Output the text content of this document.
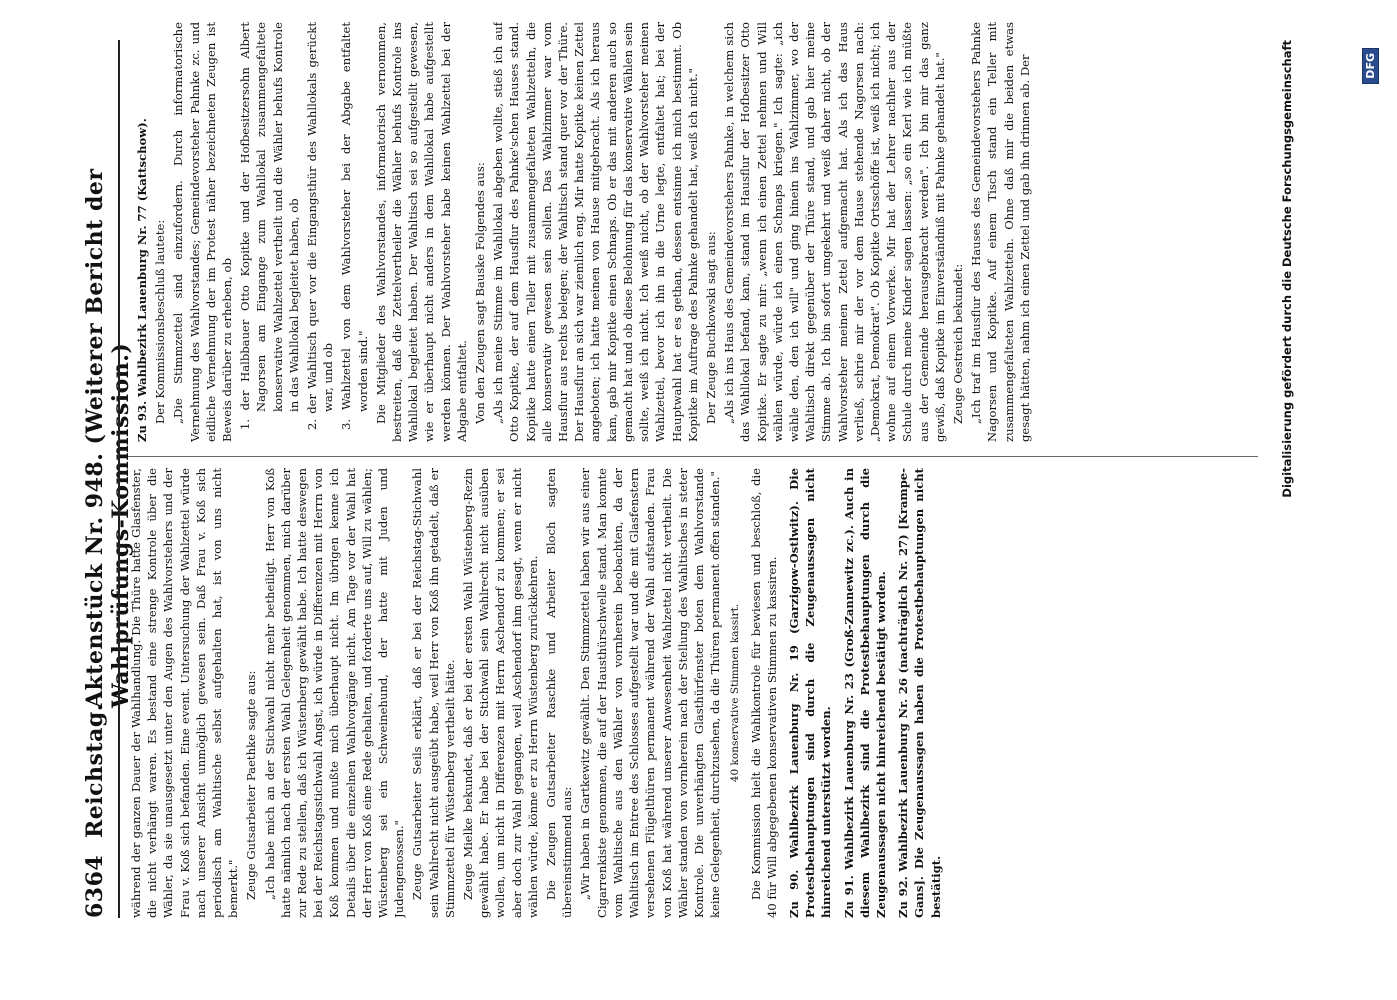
6364
Reichstag.
Aktenstück Nr. 948. (Weiterer Bericht der Wahlprüfungs-Kommission.)

während der ganzen Dauer der Wahlhandlung. Die Thüre hatte Glasfenster, die nicht verhängt waren. Es bestand eine strenge Kontrole über die Wähler, da sie unausgesetzt unter den Augen des Wahlvorstehers und der Frau v. Koß sich befanden. Eine event. Untersuchung der Wahlzettel würde nach unserer Ansicht unmöglich gewesen sein. Daß Frau v. Koß sich periodisch am Wahltische selbst aufgehalten hat, ist von uns nicht bemerkt." Zeuge Gutsarbeiter Paethke sagte aus: „Ich habe mich an der Stichwahl nicht mehr betheiligt. Herr von Koß hatte nämlich nach der ersten Wahl Gelegenheit genommen, mich darüber zur Rede zu stellen, daß ich Wüstenberg gewählt habe. Ich hatte deswegen bei der Reichstagsstichwahl Angst, ich würde in Differenzen mit Herrn von Koß kommen und mußte mich überhaupt nicht. Im übrigen kenne ich Details über die einzelnen Wahlvorgänge nicht. Am Tage vor der Wahl hat der Herr von Koß eine Rede gehalten, und forderte uns auf, Will zu wählen; Wüstenberg sei ein Schweinehund, der hatte mit Juden und Judengenossen." Zeuge Gutsarbeiter Seils erklärt, daß er bei der Reichstag-Stichwahl sein Wahlrecht nicht ausgeübt habe, weil Herr von Koß ihn getadelt, daß er Stimmzettel für Wüstenberg vertheilt hätte. Zeuge Mielke bekundet, daß er bei der ersten Wahl Wüstenberg-Rezin gewählt habe. Er habe bei der Stichwahl sein Wahlrecht nicht ausüben wollen, um nicht in Differenzen mit Herrn Aschendorf zu kommen; er sei aber doch zur Wahl gegangen, weil Aschendorf ihm gesagt, wenn er nicht wählen würde, könne er zu Herrn Wüstenberg zurückkehren. Die Zeugen Gutsarbeiter Raschke und Arbeiter Bloch sagten übereinstimmend aus: „Wir haben in Gartkewitz gewählt. Den Stimmzettel haben wir aus einer Cigarrenkiste genommen, die auf der Hausthürschwelle stand. Man konnte vom Wahltische aus den Wähler von vornherein beobachten, da der Wahltisch im Entree des Schlosses aufgestellt war und die mit Glasfenstern versehenen Flügelthüren permanent während der Wahl aufstanden. Frau von Koß hat während unserer Anwesenheit Wahlzettel nicht vertheilt. Die Wähler standen von vornherein nach der Stellung des Wahltisches in steter Kontrole. Die unverhängten Glasthürfenster boten dem Wahlvorstande keine Gelegenheit, durchzusehen, da die Thüren permanent offen standen." 40 konservative Stimmen kassirt. Die Kommission hielt die Wahlkontrole für bewiesen und beschloß, die 40 für Will abgegebenen konservativen Stimmen zu kassiren. Zu 90. Wahlbezirk Lauenburg Nr. 19 (Garzigow-Ostlwitz). Die Protestbehauptungen sind durch die Zeugenaussagen nicht hinreichend unterstützt worden. Zu 91. Wahlbezirk Lauenburg Nr. 23 (Groß-Zannewitz zc.). Auch in diesem Wahlbezirk sind die Protestbehauptungen durch die Zeugenaussagen nicht hinreichend bestätigt worden. Zu 92. Wahlbezirk Lauenburg Nr. 26 (nachträglich Nr. 27) [Krampe-Gans]. Die Zeugenaussagen haben die Protestbehauptungen nicht bestätigt.

Zu 93. Wahlbezirk Lauenburg Nr. 77 (Kattschow). Der Kommissionsbeschluß lautete: „Die Stimmzettel sind einzufordern. Durch informatorische Vernehmung des Wahlvorstandes; Gemeindevorsteher Pahnke zc. und eidliche Vernehmung der im Protest näher bezeichneten Zeugen ist Beweis darüber zu erheben, ob 1. der Halbbauer Otto Kopitke und der Hofbesitzersohn Albert Nagorsen am Eingange zum Wahllokal zusammengefaltete konservative Wahlzettel vertheilt und die Wähler behufs Kontrole in das Wahllokal begleitet haben, ob 2. der Wahltisch quer vor die Eingangsthür des Wahllokals gerückt war, und ob 3. Wahlzettel von dem Wahlvorsteher bei der Abgabe entfaltet worden sind." Die Mitglieder des Wahlvorstandes, informatorisch vernommen, bestreiten, daß die Zettelvertheiler die Wähler behufs Kontrole ins Wahllokal begleitet haben. Der Wahltisch sei so aufgestellt gewesen, wie er überhaupt nicht anders in dem Wahllokal habe aufgestellt werden können. Der Wahlvorsteher habe keinen Wahlzettel bei der Abgabe entfaltet. Von den Zeugen sagt Bauske Folgendes aus: „Als ich meine Stimme im Wahllokal abgeben wollte, stieß ich auf Otto Kopitke, der auf dem Hausflur des Pahnke'schen Hauses stand. Kopitke hatte einen Teller mit zusammengefalteten Wahlzetteln, die alle konservativ gewesen sein sollen. Das Wahlzimmer war vom Hausflur aus rechts belegen; der Wahltisch stand quer vor der Thüre. Der Hausflur an sich war ziemlich eng. Mir hatte Kopitke keinen Zettel angeboten; ich hatte meinen von Hause mitgebracht. Als ich heraus kam, gab mir Kopitke einen Schnaps. Ob er das mit anderen auch so gemacht hat und ob diese Belohnung für das konservative Wählen sein sollte, weiß ich nicht. Ich weiß nicht, ob der Wahlvorsteher meinen Wahlzettel, bevor ich ihn in die Urne legte, entfaltet hat; bei der Hauptwahl hat er es gethan, dessen entsinne ich mich bestimmt. Ob Kopitke im Auftrage des Pahnke gehandelt hat, weiß ich nicht." Der Zeuge Buchkowski sagt aus: „Als ich ins Haus des Gemeindevorstehers Pahnke, in welchem sich das Wahllokal befand, kam, stand im Hausflur der Hofbesitzer Otto Kopitke. Er sagte zu mir: „wenn ich einen Zettel nehmen und Will wählen würde, würde ich einen Schnaps kriegen." Ich sagte: „ich wähle den, den ich will" und ging hinein ins Wahlzimmer, wo der Wahltisch direkt gegenüber der Thüre stand, und gab hier meine Stimme ab. Ich bin sofort umgekehrt und weiß daher nicht, ob der Wahlvorsteher meinen Zettel aufgemacht hat. Als ich das Haus verließ, schrie mir der vor dem Hause stehende Nagorsen nach: „Demokrat, Demokrat". Ob Kopitke Ortsschöffe ist, weiß ich nicht; ich wohne auf einem Vorwerke. Mir hat der Lehrer nachher aus der Schule durch meine Kinder sagen lassen: „so ein Kerl wie ich müßte aus der Gemeinde herausgebracht werden". Ich bin mir das ganz gewiß, daß Kopitke im Einverständniß mit Pahnke gehandelt hat." Zeuge Oestreich bekundet: „Ich traf im Hausflur des Hauses des Gemeindevorstehers Pahnke Nagorsen und Kopitke. Auf einem Tisch stand ein Teller mit zusammengefalteten Wahlzetteln. Ohne daß mir die beiden etwas gesagt hätten, nahm ich einen Zettel und gab ihn drinnen ab. Der	Digitalisierung gefördert durch die Deutsche Forschungsgemeinschaft	DFG
